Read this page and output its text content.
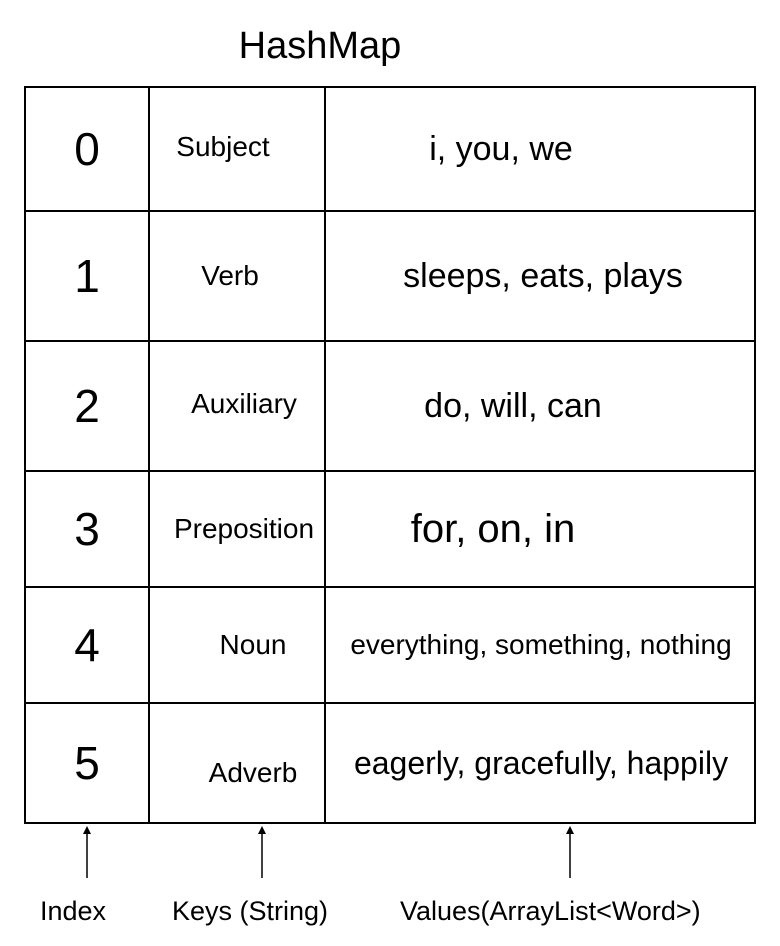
HashMap
0	Subject	i, you, we
1	Verb	sleeps, eats, plays
2	Auxiliary	do, will, can
3	Preposition	for, on, in
4	Noun	everything, something, nothing
5	Adverb	eagerly, gracefully, happily
Index Keys (String)	Values(ArrayList<Word>)
